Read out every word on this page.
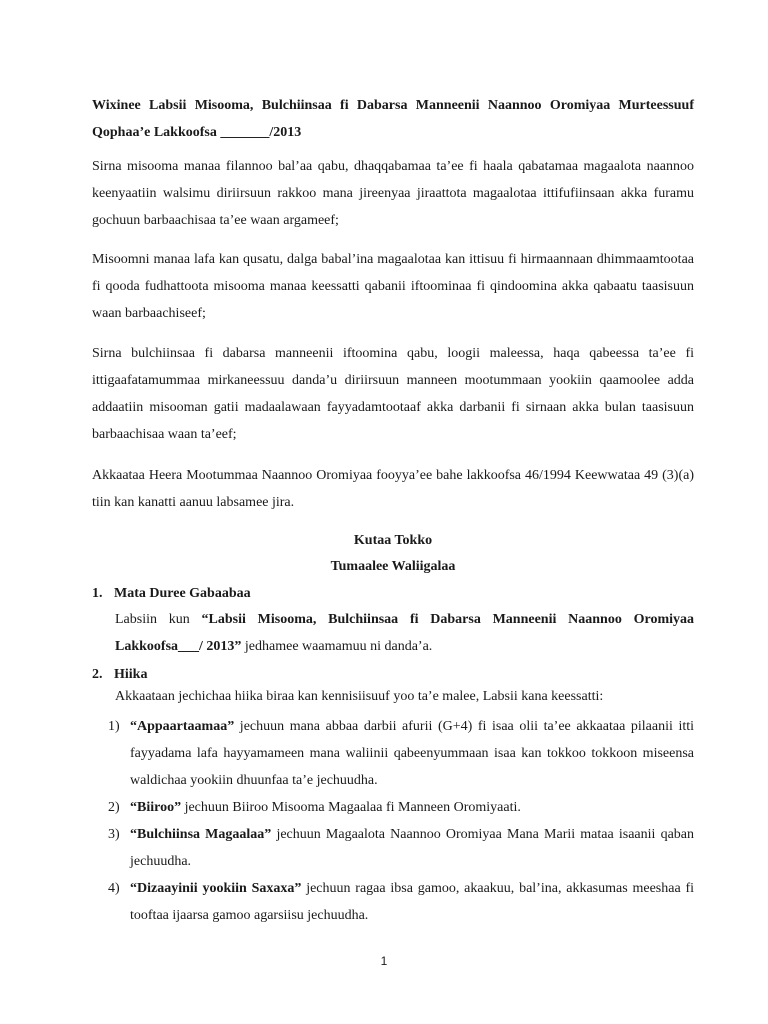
Wixinee Labsii Misooma, Bulchiinsaa fi Dabarsa Manneenii Naannoo Oromiyaa Murteessuuf Qophaa’e Lakkoofsa _______/2013
Sirna misooma manaa filannoo bal’aa qabu, dhaqqabamaa ta’ee fi haala qabatamaa magaalota naannoo keenyaatiin walsimu diriirsuun rakkoo mana jireenyaa jiraattota magaalotaa ittifufiinsaan akka furamu gochuun barbaachisaa ta’ee waan argameef;
Misoomni manaa lafa kan qusatu, dalga babal’ina magaalotaa kan ittisuu fi hirmaannaan dhimmaamtootaa fi qooda fudhattoota misooma manaa keessatti qabanii iftoominaa fi qindoomina akka qabaatu taasisuun waan barbaachiseef;
Sirna bulchiinsaa fi dabarsa manneenii iftoomina qabu, loogii maleessa, haqa qabeessa ta’ee fi ittigaafatamummaa mirkaneessuu danda’u diriirsuun manneen mootummaan yookiin qaamoolee adda addaatiin misooman gatii madaalawaan fayyadamtootaaf akka darbanii fi sirnaan akka bulan taasisuun barbaachisaa waan ta’eef;
Akkaataa Heera Mootummaa Naannoo Oromiyaa fooyya’ee bahe lakkoofsa 46/1994 Keewwataa 49 (3)(a) tiin kan kanatti aanuu labsamee jira.
Kutaa Tokko
Tumaalee Waliigalaa
1. Mata Duree Gabaabaa
Labsiin kun “Labsii Misooma, Bulchiinsaa fi Dabarsa Manneenii Naannoo Oromiyaa Lakkoofsa___/ 2013” jedhamee waamamuu ni danda’a.
2. Hiika
Akkaataan jechichaa hiika biraa kan kennisiisuuf yoo ta’e malee, Labsii kana keessatti:
1) “Appaartaamaa” jechuun mana abbaa darbii afurii (G+4) fi isaa olii ta’ee akkaataa pilaanii itti fayyadama lafa hayyamameen mana waliinii qabeenyummaan isaa kan tokkoo tokkoon miseensa waldichaa yookiin dhuunfaa ta’e jechuudha.
2) “Biiroo” jechuun Biiroo Misooma Magaalaa fi Manneen Oromiyaati.
3) “Bulchiinsa Magaalaa” jechuun Magaalota Naannoo Oromiyaa Mana Marii mataa isaanii qaban jechuudha.
4) “Dizaayinii yookiin Saxaxa” jechuun ragaa ibsa gamoo, akaakuu, bal’ina, akkasumas meeshaa fi tooftaa ijaarsa gamoo agarsiisu jechuudha.
1
